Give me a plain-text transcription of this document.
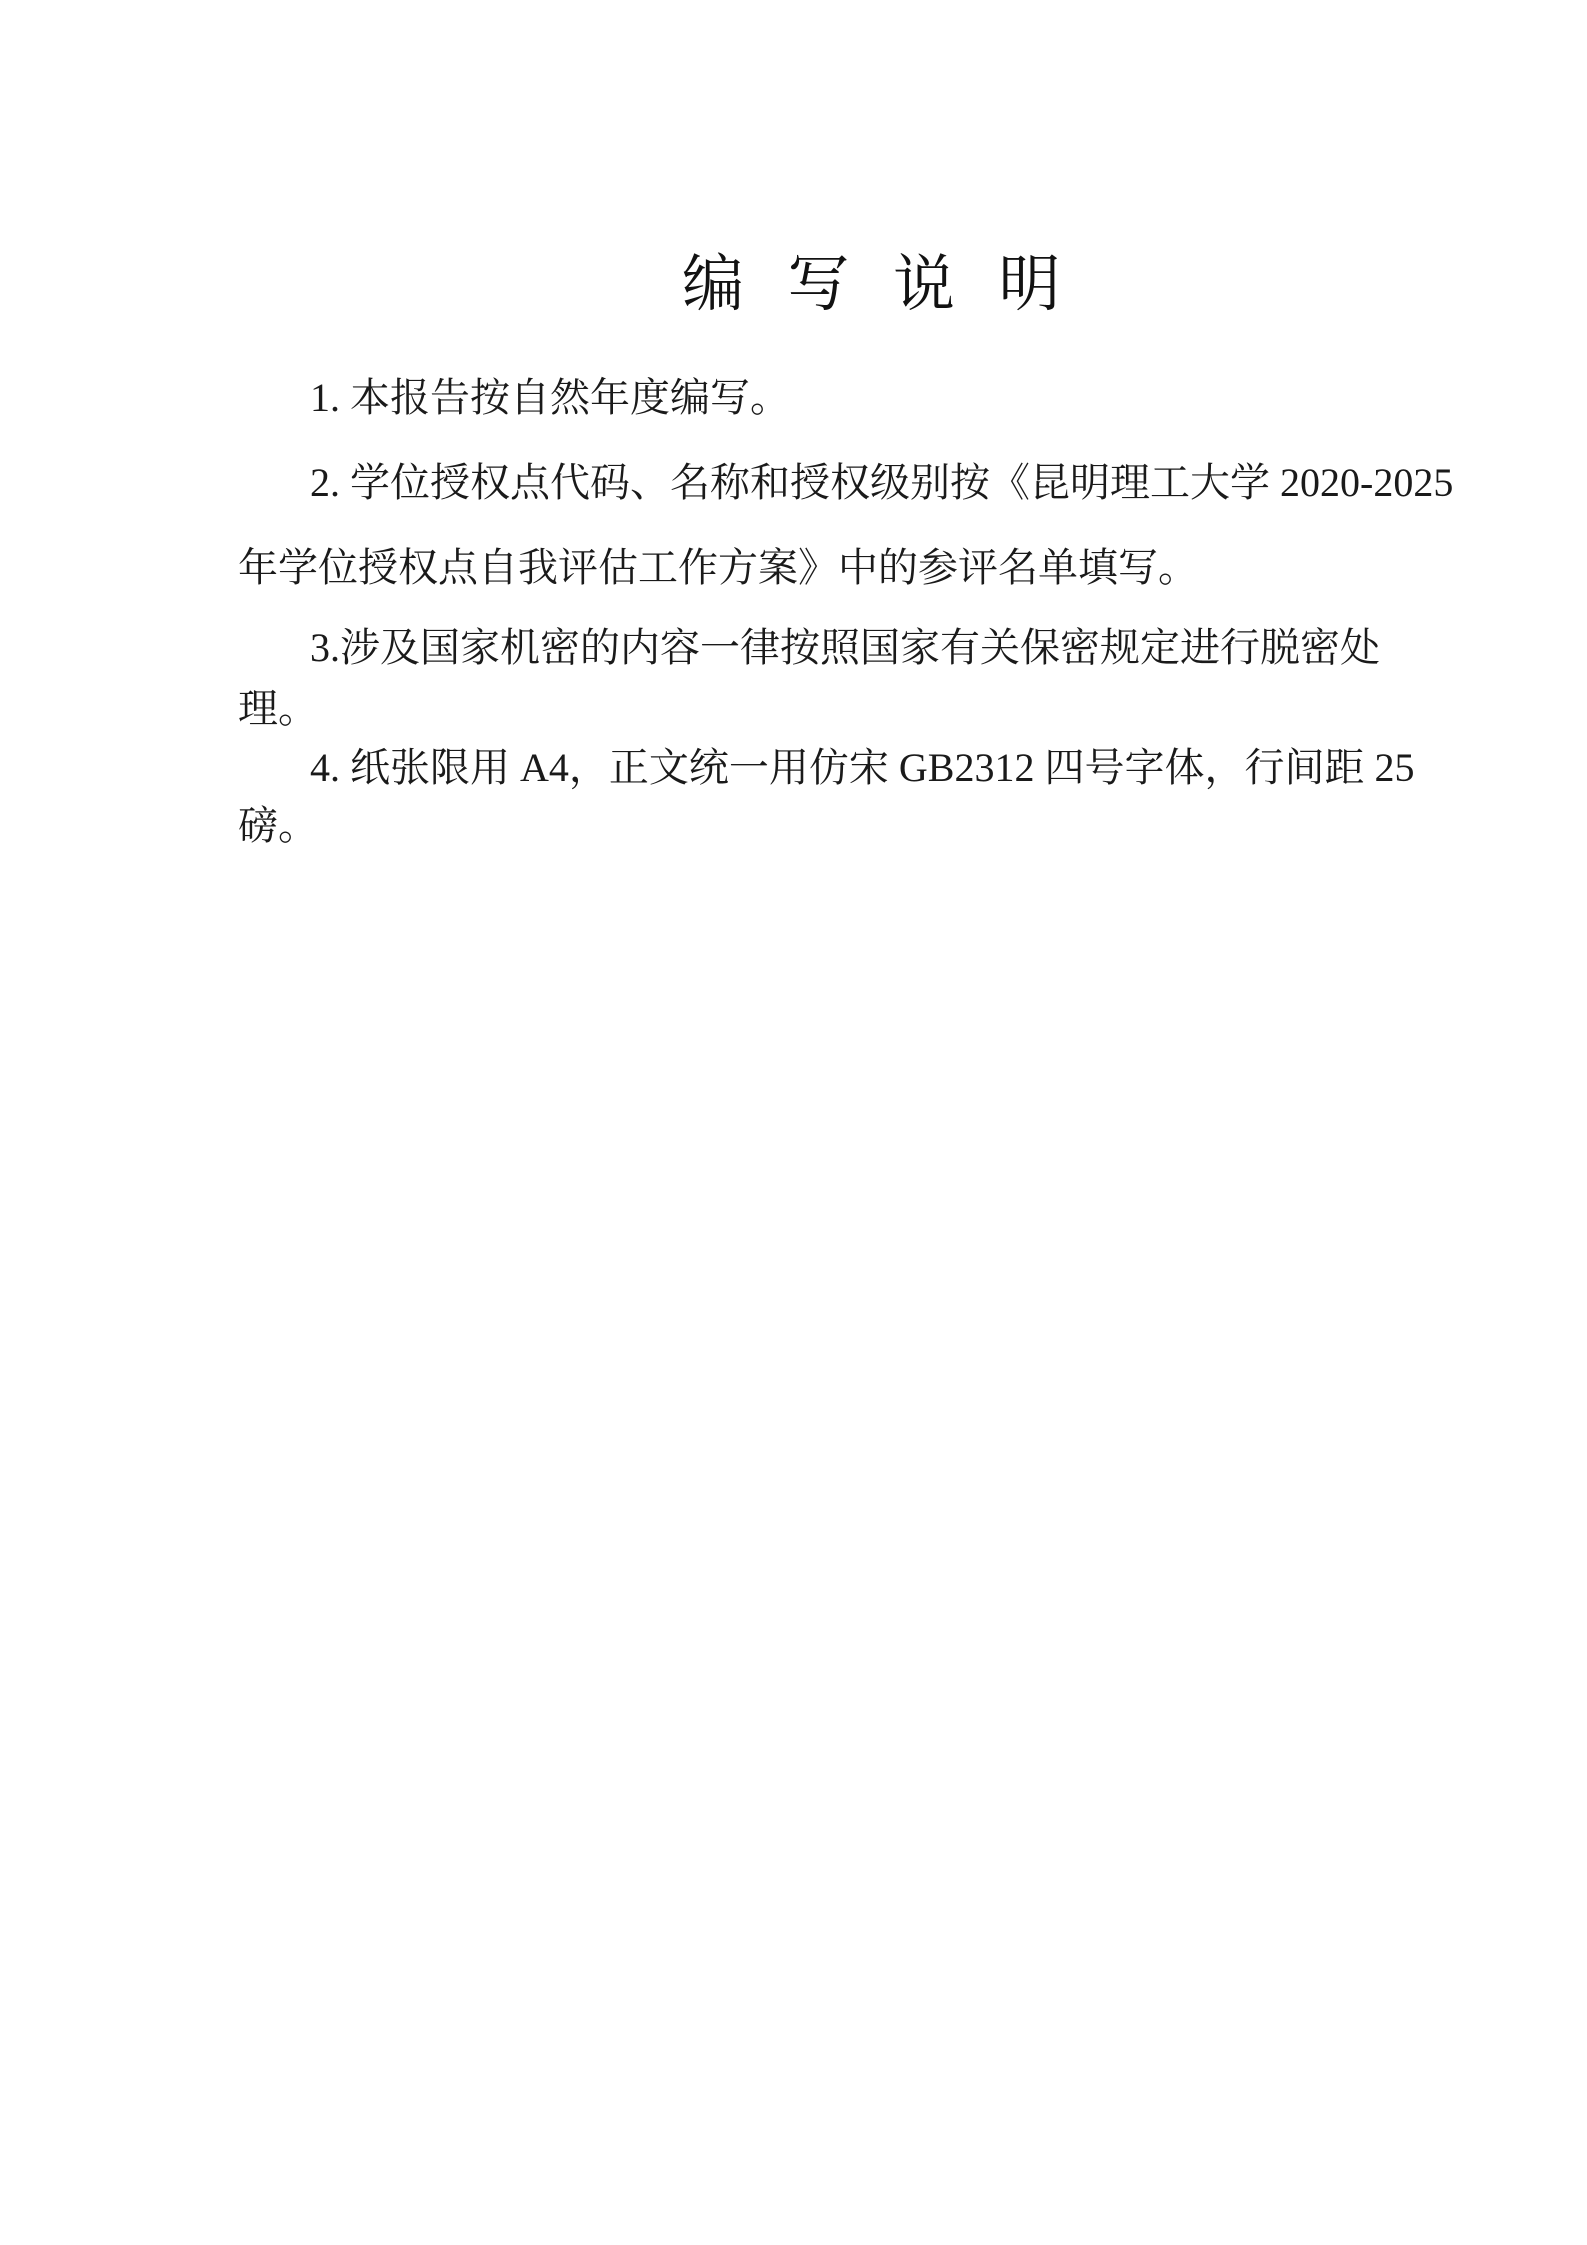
编 写 说 明
1. 本报告按自然年度编写。
2. 学位授权点代码、名称和授权级别按《昆明理工大学 2020-2025
年学位授权点自我评估工作方案》中的参评名单填写。
3.涉及国家机密的内容一律按照国家有关保密规定进行脱密处
理。
4. 纸张限用 A4，正文统一用仿宋 GB2312 四号字体，行间距 25
磅。
